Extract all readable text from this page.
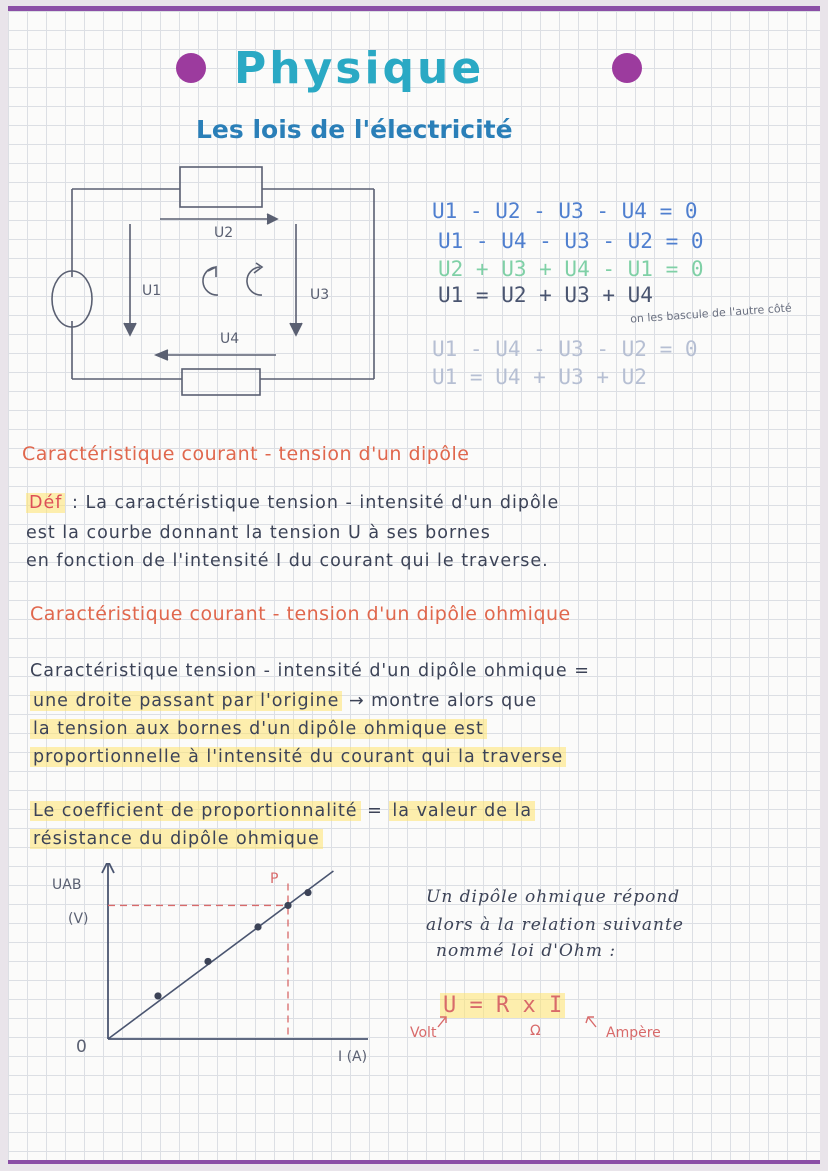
Physique
Les lois de l'électricité
U2
U1	U3
U4
U1 - U2 - U3 - U4 = 0
U1 - U4 - U3 - U2 = 0
U2 + U3 + U4 - U1 = 0
U1 = U2 + U3 + U4
on les bascule de l'autre côté
U1 - U4 - U3 - U2 = 0
U1 = U4 + U3 + U2
Caractéristique courant - tension d'un dipôle
Déf : La caractéristique tension - intensité d'un dipôle
est la courbe donnant la tension U à ses bornes
en fonction de l'intensité I du courant qui le traverse.
Caractéristique courant - tension d'un dipôle ohmique
Caractéristique tension - intensité d'un dipôle ohmique =
une droite passant par l'origine → montre alors que
la tension aux bornes d'un dipôle ohmique est
proportionnelle à l'intensité du courant qui la traverse
Le coefficient de proportionnalité = la valeur de la
résistance du dipôle ohmique
UAB
(V)
0	I (A)
P
Un dipôle ohmique répond
alors à la relation suivante
nommé loi d'Ohm :
U = R x I
Volt	Ω	Ampère
